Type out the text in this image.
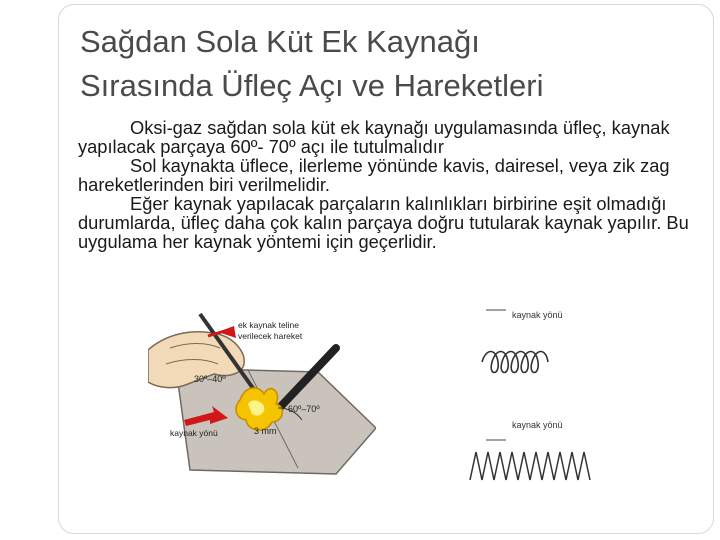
Sağdan Sola Küt Ek Kaynağı
Sırasında Üfleç Açı ve Hareketleri

Oksi-gaz sağdan sola küt ek kaynağı uygulamasında üfleç, kaynak yapılacak parçaya 60º- 70º açı ile tutulmalıdır

Sol kaynakta üflece, ilerleme yönünde kavis, dairesel, veya zik zag hareketlerinden biri verilmelidir.

Eğer kaynak yapılacak parçaların kalınlıkları birbirine eşit olmadığı durumlarda, üfleç daha çok kalın parçaya doğru tutularak kaynak yapılır. Bu uygulama her kaynak yöntemi için geçerlidir.

ek kaynak teline
verilecek hareket
30º–40º
60º–70º
kaynak yönü	3 mm
kaynak yönü
kaynak yönü
